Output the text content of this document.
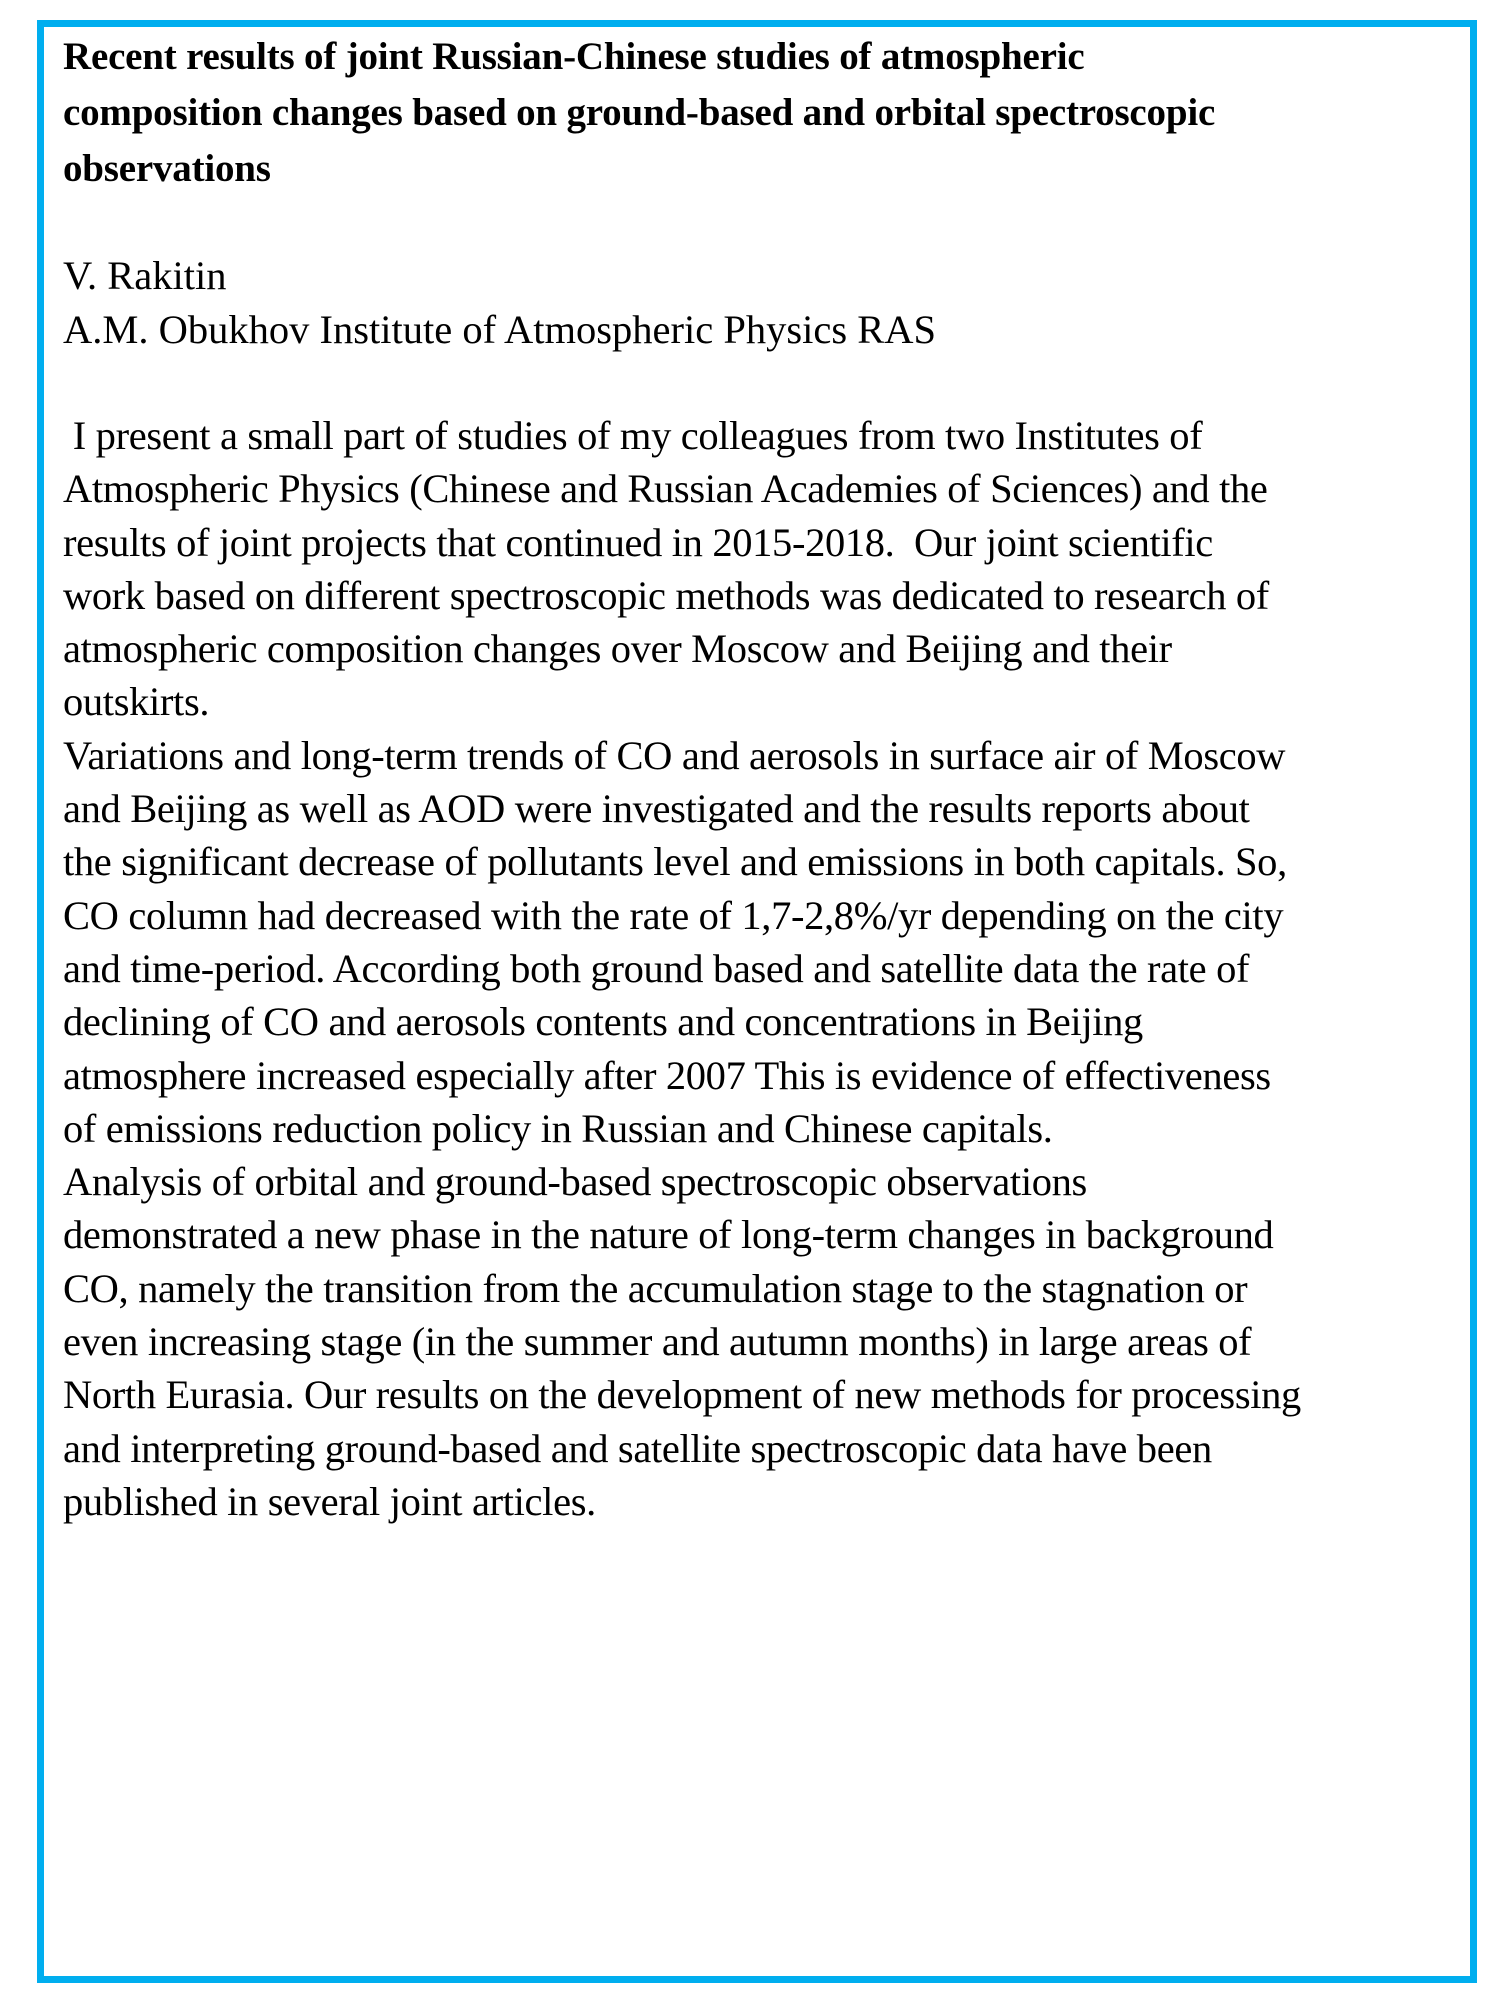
Recent results of joint Russian-Chinese studies of atmospheric
composition changes based on ground-based and orbital spectroscopic
observations
V. Rakitin
A.M. Obukhov Institute of Atmospheric Physics RAS
I present a small part of studies of my colleagues from two Institutes of
Atmospheric Physics (Chinese and Russian Academies of Sciences) and the
results of joint projects that continued in 2015-2018.  Our joint scientific
work based on different spectroscopic methods was dedicated to research of
atmospheric composition changes over Moscow and Beijing and their
outskirts.
Variations and long-term trends of CO and aerosols in surface air of Moscow
and Beijing as well as AOD were investigated and the results reports about
the significant decrease of pollutants level and emissions in both capitals. So,
CO column had decreased with the rate of 1,7-2,8%/yr depending on the city
and time-period. According both ground based and satellite data the rate of
declining of CO and aerosols contents and concentrations in Beijing
atmosphere increased especially after 2007 This is evidence of effectiveness
of emissions reduction policy in Russian and Chinese capitals.
Analysis of orbital and ground-based spectroscopic observations
demonstrated a new phase in the nature of long-term changes in background
CO, namely the transition from the accumulation stage to the stagnation or
even increasing stage (in the summer and autumn months) in large areas of
North Eurasia. Our results on the development of new methods for processing
and interpreting ground-based and satellite spectroscopic data have been
published in several joint articles.
